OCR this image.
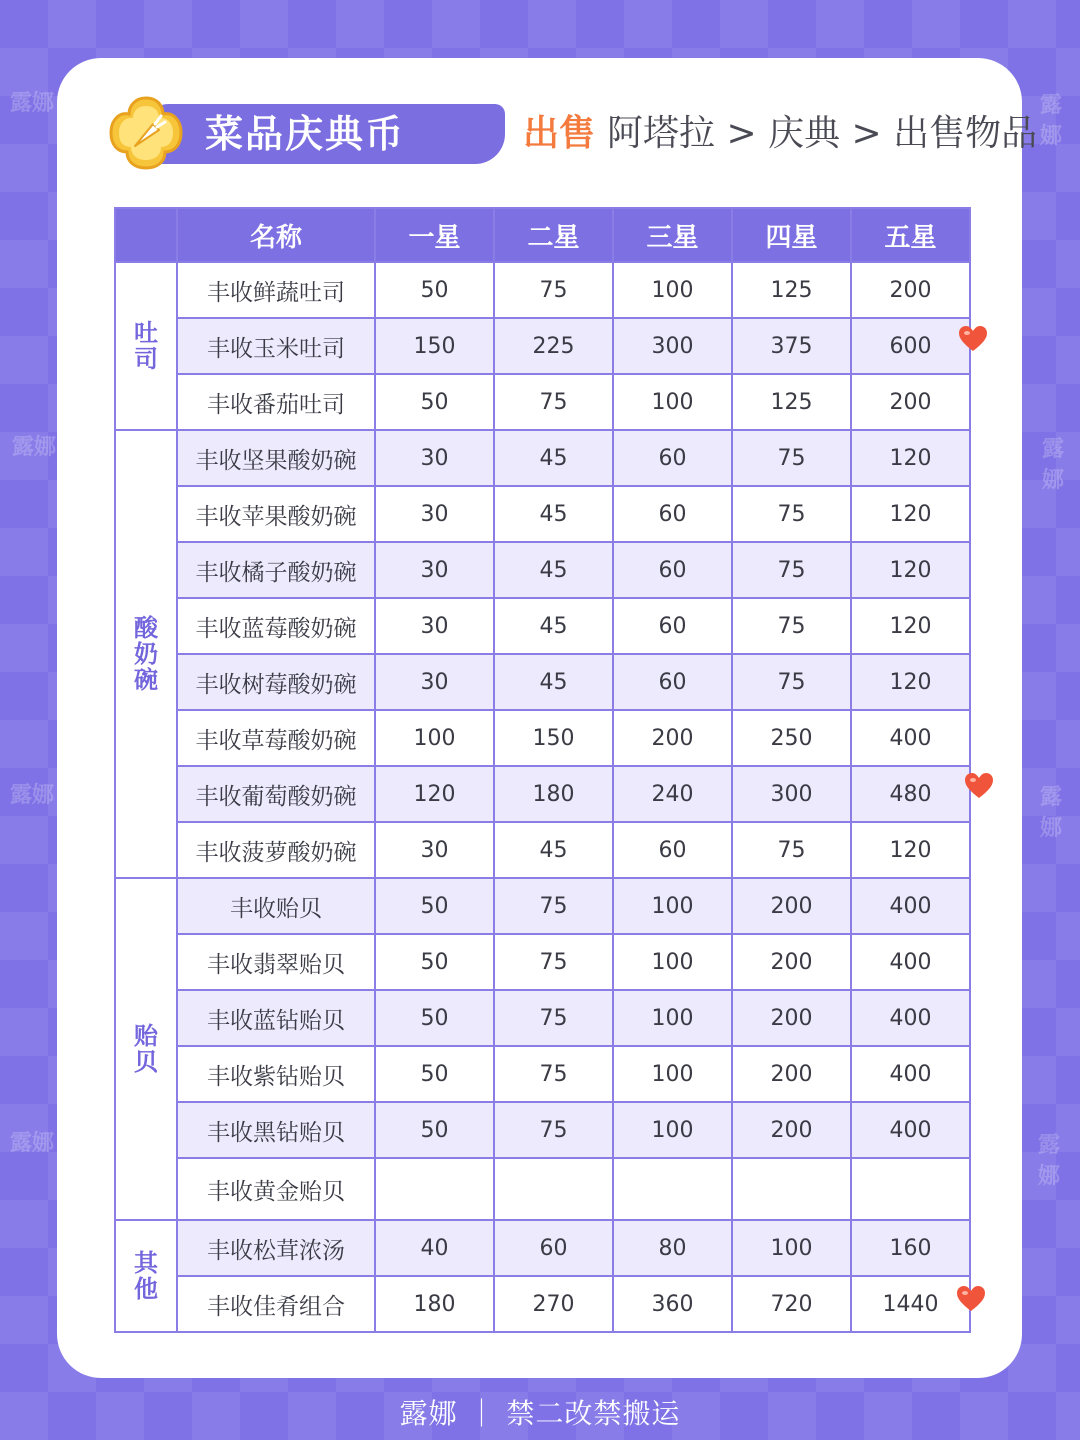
露娜	露娜
露娜	露娜
露娜	露娜
露娜	露娜
菜品庆典币	出售 阿塔拉 > 庆典 > 出售物品
	名称	一星	二星	三星	四星	五星

吐司	丰收鲜蔬吐司	50	75	100	125	200
	丰收玉米吐司	150	225	300	375	600
	丰收番茄吐司	50	75	100	125	200

酸奶碗	丰收坚果酸奶碗	30	45	60	75	120
	丰收苹果酸奶碗	30	45	60	75	120
	丰收橘子酸奶碗	30	45	60	75	120
	丰收蓝莓酸奶碗	30	45	60	75	120
	丰收树莓酸奶碗	30	45	60	75	120
	丰收草莓酸奶碗	100	150	200	250	400
	丰收葡萄酸奶碗	120	180	240	300	480
	丰收菠萝酸奶碗	30	45	60	75	120

贻贝	丰收贻贝	50	75	100	200	400
	丰收翡翠贻贝	50	75	100	200	400
	丰收蓝钻贻贝	50	75	100	200	400
	丰收紫钻贻贝	50	75	100	200	400
	丰收黑钻贻贝	50	75	100	200	400
	丰收黄金贻贝					

其他	丰收松茸浓汤	40	60	80	100	160
	丰收佳肴组合	180	270	360	720	1440
露娜 ｜ 禁二改禁搬运
